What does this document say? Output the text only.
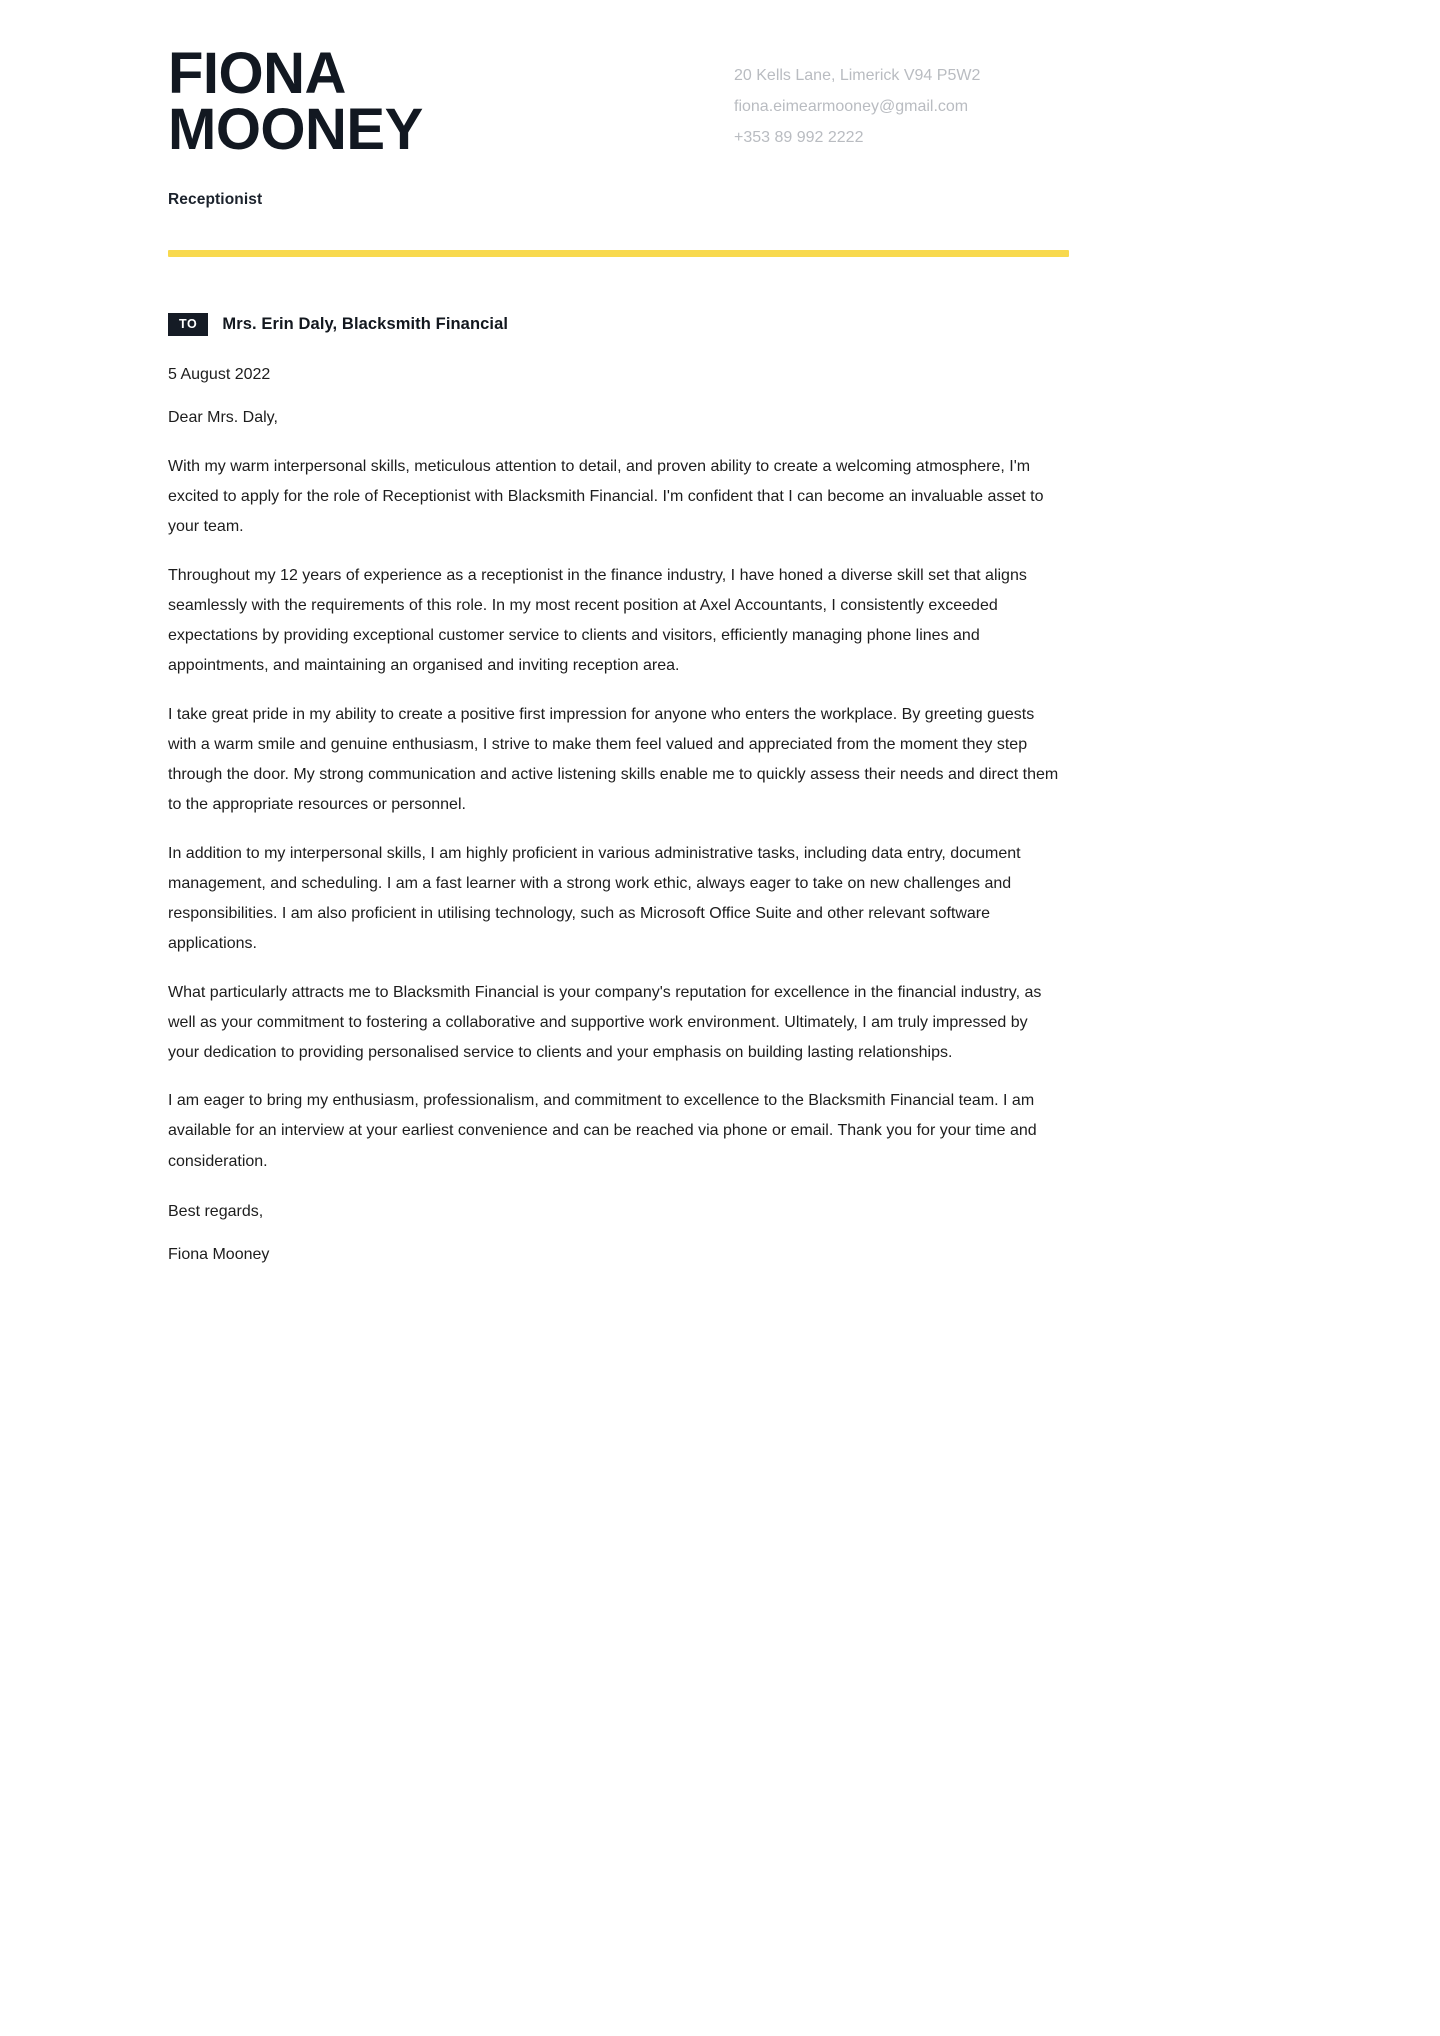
FIONA
MOONEY
Receptionist
20 Kells Lane, Limerick V94 P5W2
fiona.eimearmooney@gmail.com
+353 89 992 2222
TO	Mrs. Erin Daly, Blacksmith Financial
5 August 2022
Dear Mrs. Daly,

With my warm interpersonal skills, meticulous attention to detail, and proven ability to create a welcoming atmosphere, I'm excited to apply for the role of Receptionist with Blacksmith Financial. I'm confident that I can become an invaluable asset to your team.

Throughout my 12 years of experience as a receptionist in the finance industry, I have honed a diverse skill set that aligns seamlessly with the requirements of this role. In my most recent position at Axel Accountants, I consistently exceeded expectations by providing exceptional customer service to clients and visitors, efficiently managing phone lines and appointments, and maintaining an organised and inviting reception area.

I take great pride in my ability to create a positive first impression for anyone who enters the workplace. By greeting guests with a warm smile and genuine enthusiasm, I strive to make them feel valued and appreciated from the moment they step through the door. My strong communication and active listening skills enable me to quickly assess their needs and direct them to the appropriate resources or personnel.

In addition to my interpersonal skills, I am highly proficient in various administrative tasks, including data entry, document management, and scheduling. I am a fast learner with a strong work ethic, always eager to take on new challenges and responsibilities. I am also proficient in utilising technology, such as Microsoft Office Suite and other relevant software applications.

What particularly attracts me to Blacksmith Financial is your company's reputation for excellence in the financial industry, as well as your commitment to fostering a collaborative and supportive work environment. Ultimately, I am truly impressed by your dedication to providing personalised service to clients and your emphasis on building lasting relationships.

I am eager to bring my enthusiasm, professionalism, and commitment to excellence to the Blacksmith Financial team. I am available for an interview at your earliest convenience and can be reached via phone or email. Thank you for your time and consideration.

Best regards,
Fiona Mooney
